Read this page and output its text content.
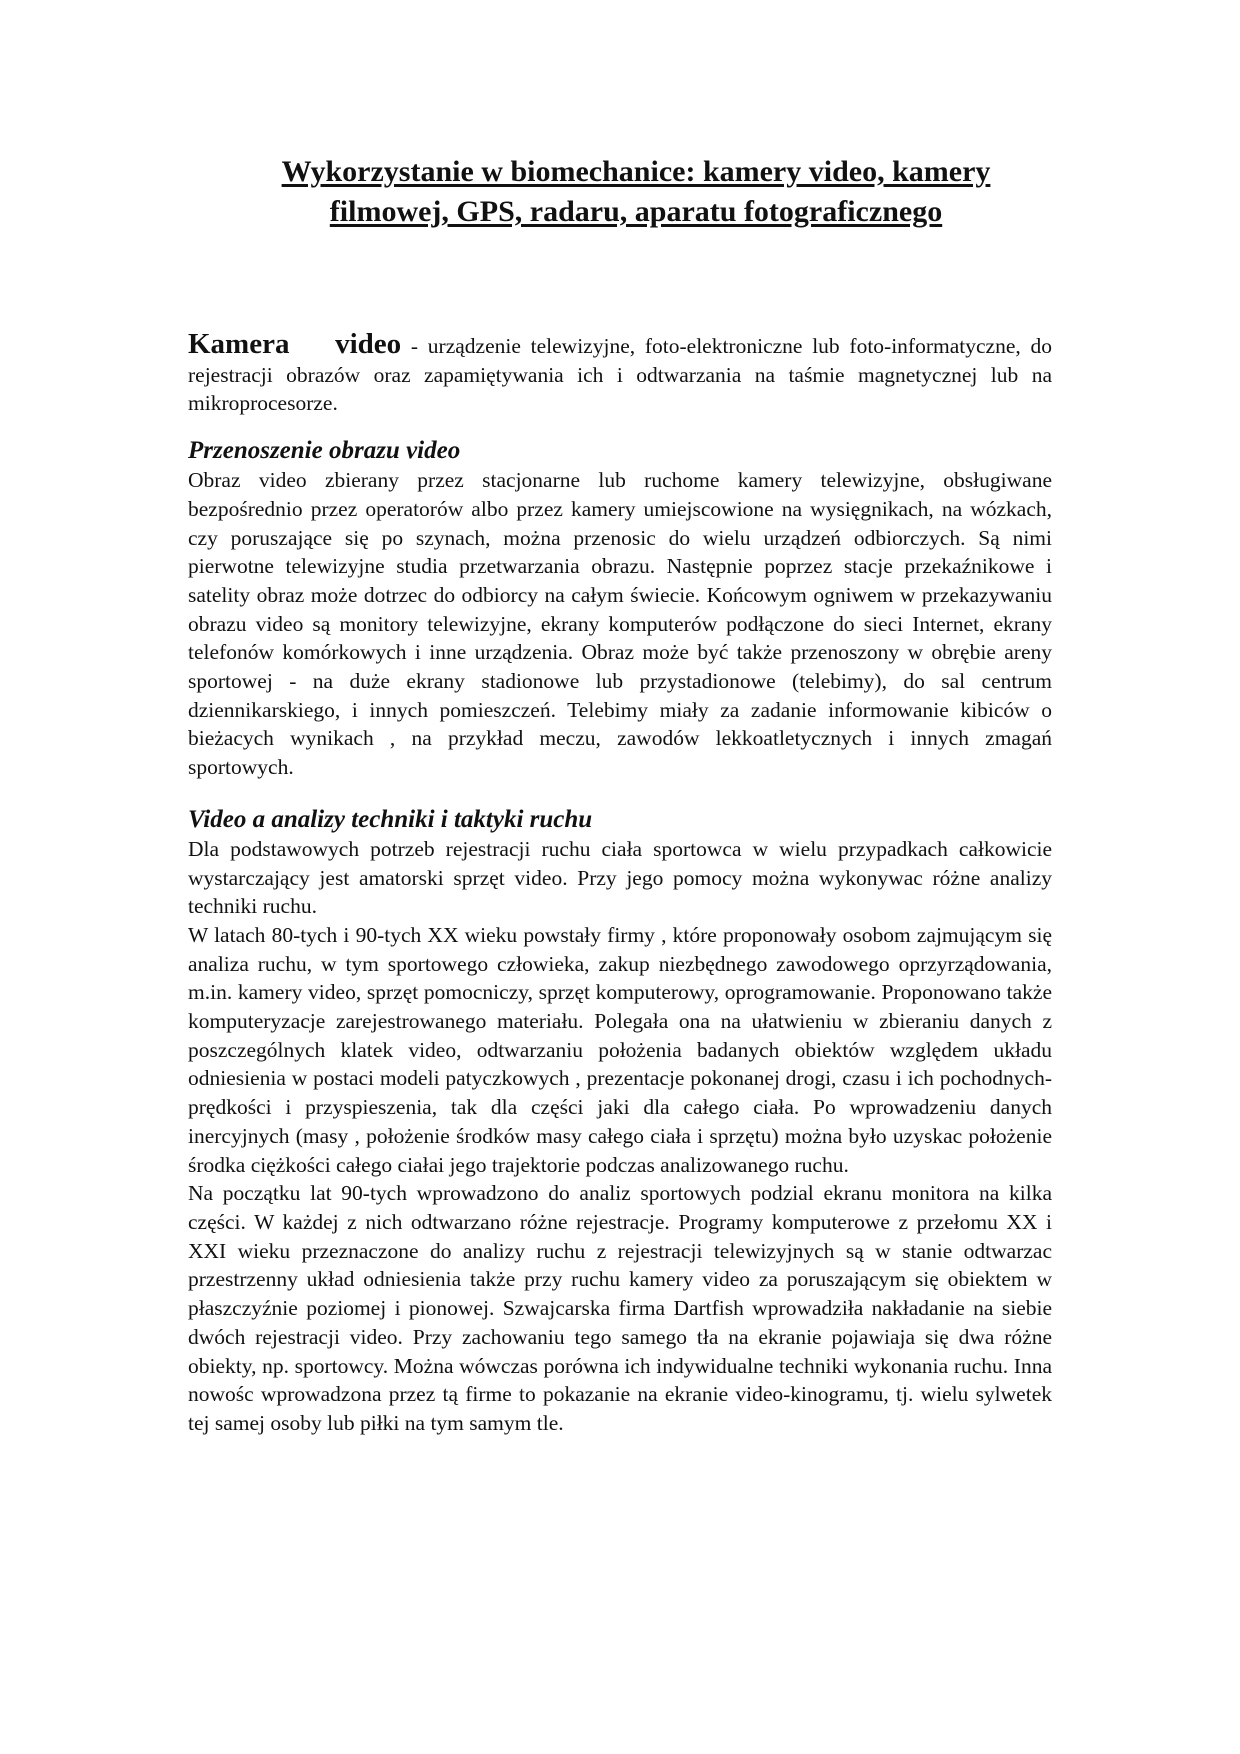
Wykorzystanie w biomechanice: kamery video, kamery filmowej, GPS, radaru, aparatu fotograficznego

Kamera video - urządzenie telewizyjne, foto-elektroniczne lub foto-informatyczne, do rejestracji obrazów oraz zapamiętywania ich i odtwarzania na taśmie magnetycznej lub na mikroprocesorze.

Przenoszenie obrazu video

Obraz video zbierany przez stacjonarne lub ruchome kamery telewizyjne, obsługiwane bezpośrednio przez operatorów albo przez kamery umiejscowione na wysięgnikach, na wózkach, czy poruszające się po szynach, można przenosic do wielu urządzeń odbiorczych. Są nimi pierwotne telewizyjne studia przetwarzania obrazu. Następnie poprzez stacje przekaźnikowe i satelity obraz może dotrzec do odbiorcy na całym świecie. Końcowym ogniwem w przekazywaniu obrazu video są monitory telewizyjne, ekrany komputerów podłączone do sieci Internet, ekrany telefonów komórkowych i inne urządzenia. Obraz może być także przenoszony w obrębie areny sportowej - na duże ekrany stadionowe lub przystadionowe (telebimy), do sal centrum dziennikarskiego, i innych pomieszczeń. Telebimy miały za zadanie informowanie kibiców o bieżacych wynikach , na przykład meczu, zawodów lekkoatletycznych i innych zmagań sportowych.

Video a analizy techniki i taktyki ruchu

Dla podstawowych potrzeb rejestracji ruchu ciała sportowca w wielu przypadkach całkowicie wystarczający jest amatorski sprzęt video. Przy jego pomocy można wykonywac różne analizy techniki ruchu.

W latach 80-tych i 90-tych XX wieku powstały firmy , które proponowały osobom zajmującym się analiza ruchu, w tym sportowego człowieka, zakup niezbędnego zawodowego oprzyrządowania, m.in. kamery video, sprzęt pomocniczy, sprzęt komputerowy, oprogramowanie. Proponowano także komputeryzacje zarejestrowanego materiału. Polegała ona na ułatwieniu w zbieraniu danych z poszczególnych klatek video, odtwarzaniu położenia badanych obiektów względem układu odniesienia w postaci modeli patyczkowych , prezentacje pokonanej drogi, czasu i ich pochodnych-prędkości i przyspieszenia, tak dla części jaki dla całego ciała. Po wprowadzeniu danych inercyjnych (masy , położenie środków masy całego ciała i sprzętu) można było uzyskac położenie środka ciężkości całego ciałai jego trajektorie podczas analizowanego ruchu.

Na początku lat 90-tych wprowadzono do analiz sportowych podzial ekranu monitora na kilka części. W każdej z nich odtwarzano różne rejestracje. Programy komputerowe z przełomu XX i XXI wieku przeznaczone do analizy ruchu z rejestracji telewizyjnych są w stanie odtwarzac przestrzenny układ odniesienia także przy ruchu kamery video za poruszającym się obiektem w płaszczyźnie poziomej i pionowej. Szwajcarska firma Dartfish wprowadziła nakładanie na siebie dwóch rejestracji video. Przy zachowaniu tego samego tła na ekranie pojawiaja się dwa różne obiekty, np. sportowcy. Można wówczas porówna ich indywidualne techniki wykonania ruchu. Inna nowośc wprowadzona przez tą firme to pokazanie na ekranie video-kinogramu, tj. wielu sylwetek tej samej osoby lub piłki na tym samym tle.
